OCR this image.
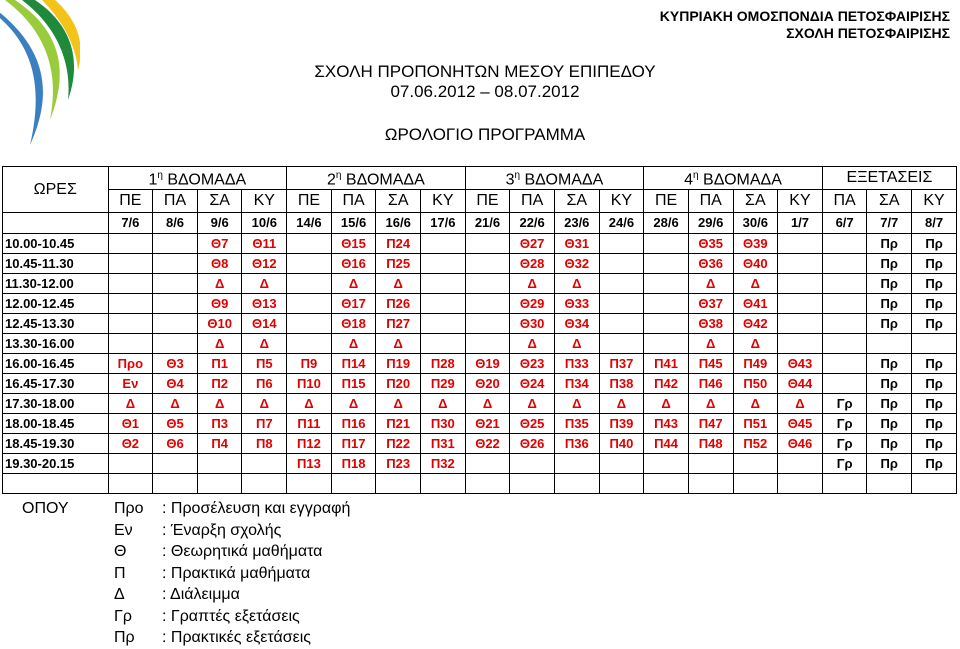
ΚΥΠΡΙΑΚΗ ΟΜΟΣΠΟΝΔΙΑ ΠΕΤΟΣΦΑΙΡΙΣΗΣ
ΣΧΟΛΗ ΠΕΤΟΣΦΑΙΡΙΣΗΣ
ΣΧΟΛΗ ΠΡΟΠΟΝΗΤΩΝ ΜΕΣΟΥ ΕΠΙΠΕΔΟΥ
07.06.2012 – 08.07.2012
ΩΡΟΛΟΓΙΟ ΠΡΟΓΡΑΜΜΑ
ΩΡΕΣ	$1^\eta$ ΒΔΟΜΑΔΑ				$2^\eta$ ΒΔΟΜΑΔΑ				$3^\eta$ ΒΔΟΜΑΔΑ				$4^\eta$ ΒΔΟΜΑΔΑ				ΕΞΕΤΑΣΕΙΣ		
	ΠΕ	ΠΑ	ΣΑ	ΚΥ	ΠΕ	ΠΑ	ΣΑ	ΚΥ	ΠΕ	ΠΑ	ΣΑ	ΚΥ	ΠΕ	ΠΑ	ΣΑ	ΚΥ	ΠΑ	ΣΑ	ΚΥ
	7/6	8/6	9/6	10/6	14/6	15/6	16/6	17/6	21/6	22/6	23/6	24/6	28/6	29/6	30/6	1/7	6/7	7/7	8/7
10.00-10.45			Θ7	Θ11		Θ15	Π24			Θ27	Θ31			Θ35	Θ39			Πρ	Πρ
10.45-11.30			Θ8	Θ12		Θ16	Π25			Θ28	Θ32			Θ36	Θ40			Πρ	Πρ
11.30-12.00			Δ	Δ		Δ	Δ			Δ	Δ			Δ	Δ			Πρ	Πρ
12.00-12.45			Θ9	Θ13		Θ17	Π26			Θ29	Θ33			Θ37	Θ41			Πρ	Πρ
12.45-13.30			Θ10	Θ14		Θ18	Π27			Θ30	Θ34			Θ38	Θ42			Πρ	Πρ
13.30-16.00			Δ	Δ		Δ	Δ			Δ	Δ			Δ	Δ				
16.00-16.45	Προ	Θ3	Π1	Π5	Π9	Π14	Π19	Π28	Θ19	Θ23	Π33	Π37	Π41	Π45	Π49	Θ43		Πρ	Πρ
16.45-17.30	Εν	Θ4	Π2	Π6	Π10	Π15	Π20	Π29	Θ20	Θ24	Π34	Π38	Π42	Π46	Π50	Θ44		Πρ	Πρ
17.30-18.00	Δ	Δ	Δ	Δ	Δ	Δ	Δ	Δ	Δ	Δ	Δ	Δ	Δ	Δ	Δ	Δ	Γρ	Πρ	Πρ
18.00-18.45	Θ1	Θ5	Π3	Π7	Π11	Π16	Π21	Π30	Θ21	Θ25	Π35	Π39	Π43	Π47	Π51	Θ45	Γρ	Πρ	Πρ
18.45-19.30	Θ2	Θ6	Π4	Π8	Π12	Π17	Π22	Π31	Θ22	Θ26	Π36	Π40	Π44	Π48	Π52	Θ46	Γρ	Πρ	Πρ
19.30-20.15					Π13	Π18	Π23	Π32									Γρ	Πρ	Πρ

ΟΠΟΥ	Προ : Προσέλευση και εγγραφή
Εν : Έναρξη σχολής
Θ : Θεωρητικά μαθήματα
Π : Πρακτικά μαθήματα
Δ : Διάλειμμα
Γρ : Γραπτές εξετάσεις
Πρ : Πρακτικές εξετάσεις
